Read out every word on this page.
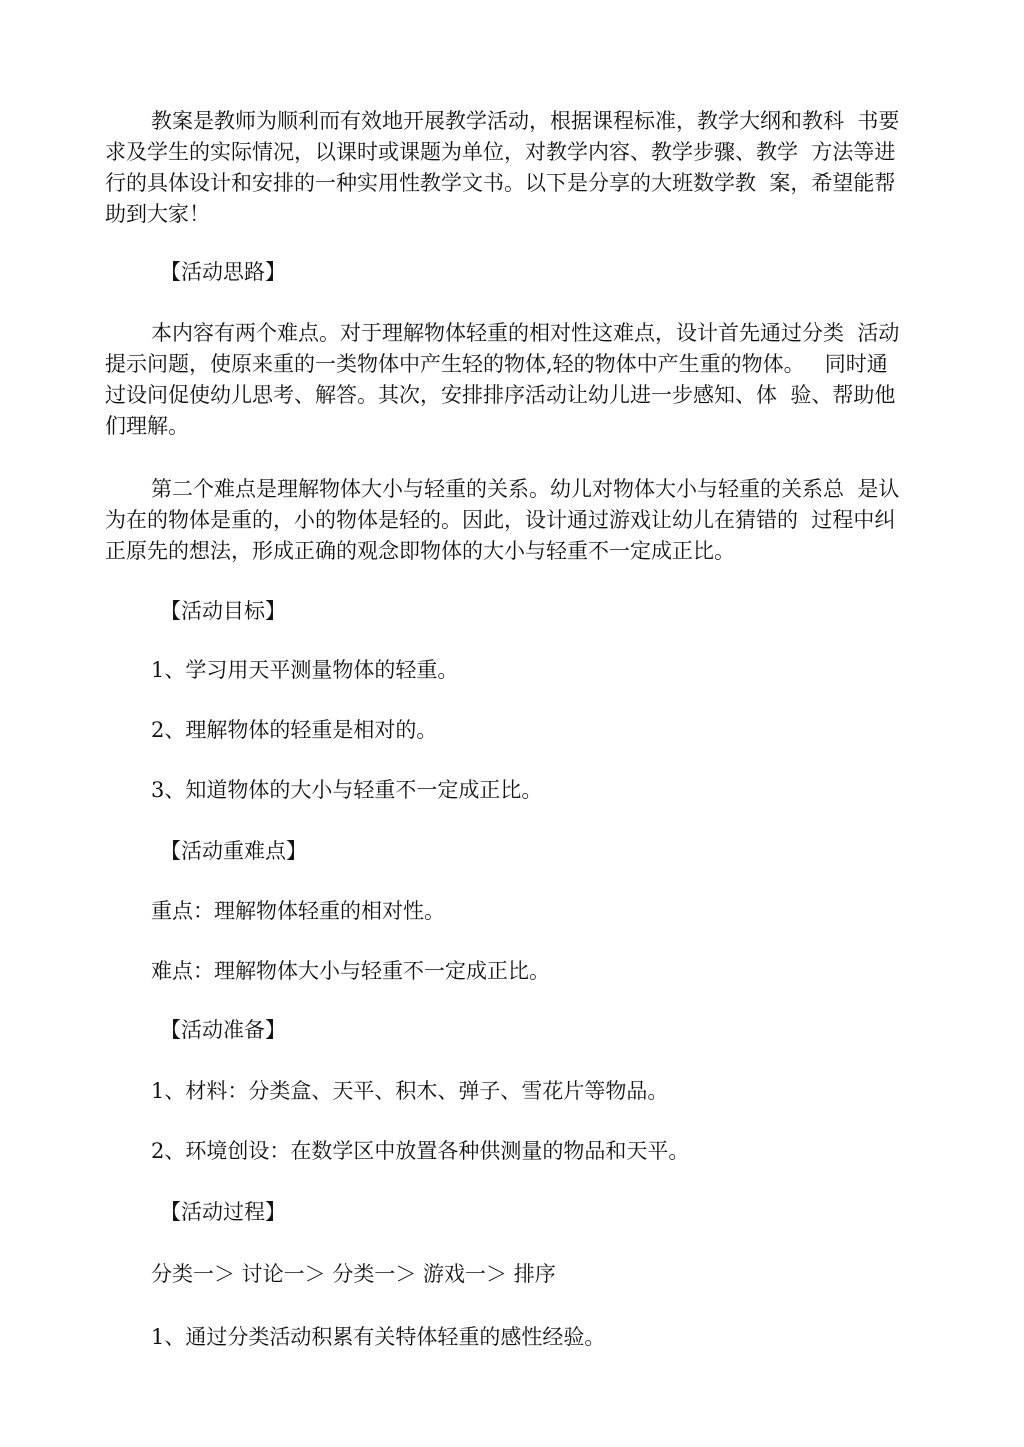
教案是教师为顺利而有效地开展教学活动，根据课程标准，教学大纲和教科  书要

求及学生的实际情况，以课时或课题为单位，对教学内容、教学步骤、教学  方法等进

行的具体设计和安排的一种实用性教学文书。以下是分享的大班数学教  案，希望能帮

助到大家！

【活动思路】

本内容有两个难点。对于理解物体轻重的相对性这难点，设计首先通过分类  活动

提示问题，使原来重的一类物体中产生轻的物体,轻的物体中产生重的物体。   同时通

过设问促使幼儿思考、解答。其次，安排排序活动让幼儿进一步感知、体  验、帮助他

们理解。

第二个难点是理解物体大小与轻重的关系。幼儿对物体大小与轻重的关系总  是认

为在的物体是重的，小的物体是轻的。因此，设计通过游戏让幼儿在猜错的  过程中纠

正原先的想法，形成正确的观念即物体的大小与轻重不一定成正比。

【活动目标】

1、学习用天平测量物体的轻重。

2、理解物体的轻重是相对的。

3、知道物体的大小与轻重不一定成正比。

【活动重难点】

重点：理解物体轻重的相对性。

难点：理解物体大小与轻重不一定成正比。

【活动准备】

1、材料：分类盒、天平、积木、弹子、雪花片等物品。

2、环境创设：在数学区中放置各种供测量的物品和天平。

【活动过程】

分类一＞ 讨论一＞ 分类一＞ 游戏一＞ 排序

1、通过分类活动积累有关特体轻重的感性经验。
